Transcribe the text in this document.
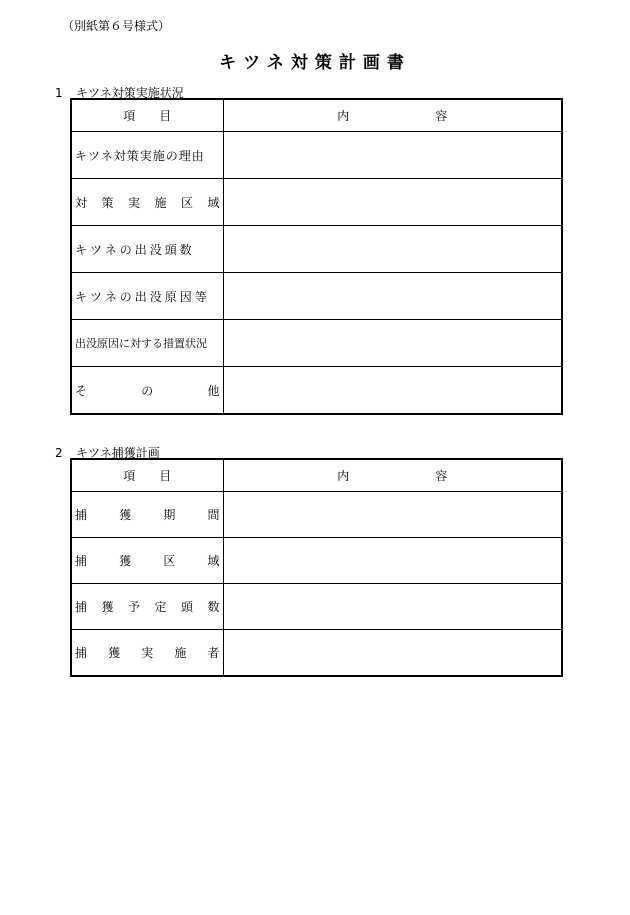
（別紙第６号様式）
キツネ対策計画書
1 キツネ対策実施状況
項目	内容

キツネ対策実施の理由	

対策実施区域	

キツネの出没頭数	

キツネの出没原因等	

出没原因に対する措置状況	

その他	

2 キツネ捕獲計画
項目	内容

捕獲期間	

捕獲区域	

捕獲予定頭数	

捕獲実施者	
